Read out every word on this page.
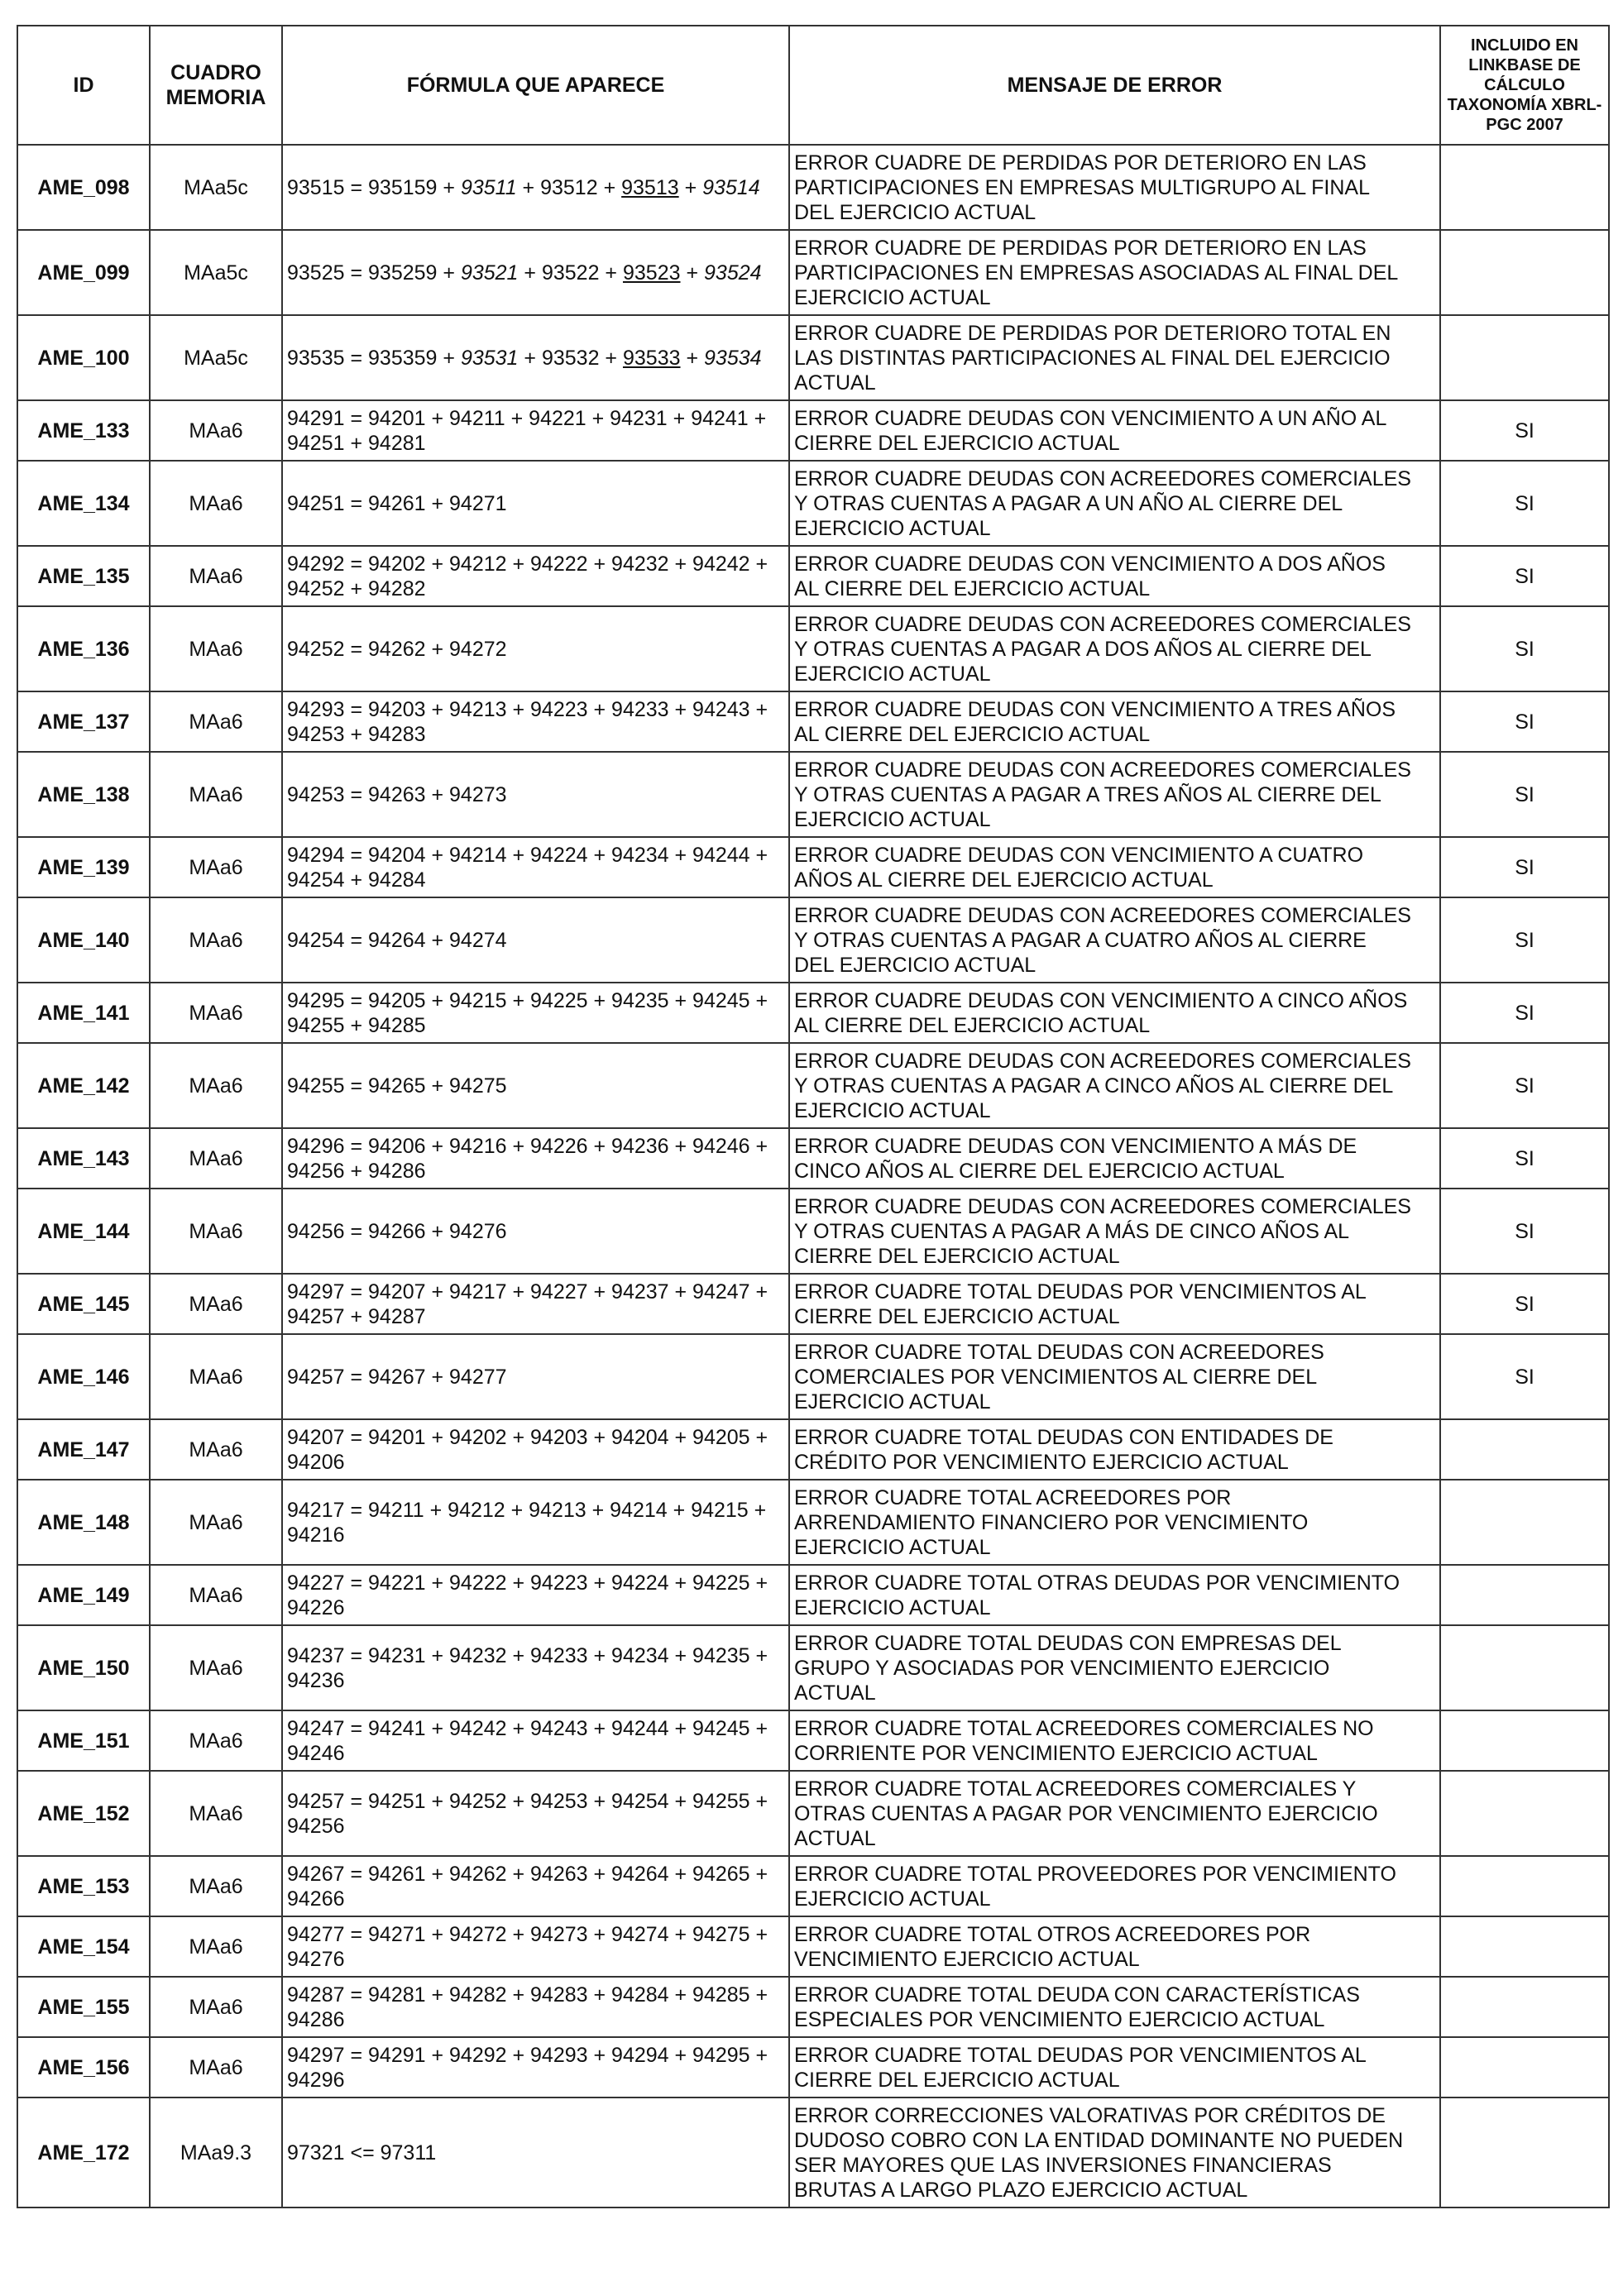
ID	CUADRO MEMORIA	FÓRMULA QUE APARECE	MENSAJE DE ERROR	INCLUIDO EN LINKBASE DE CÁLCULO TAXONOMÍA XBRL-PGC 2007
AME_098	MAa5c	93515 = 935159 + 93511 + 93512 + 93513 + 93514	ERROR CUADRE DE PERDIDAS POR DETERIORO EN LAS
PARTICIPACIONES EN EMPRESAS MULTIGRUPO AL FINAL
DEL EJERCICIO ACTUAL	
AME_099	MAa5c	93525 = 935259 + 93521 + 93522 + 93523 + 93524	ERROR CUADRE DE PERDIDAS POR DETERIORO EN LAS
PARTICIPACIONES EN EMPRESAS ASOCIADAS AL FINAL DEL
EJERCICIO ACTUAL	
AME_100	MAa5c	93535 = 935359 + 93531 + 93532 + 93533 + 93534	ERROR CUADRE DE PERDIDAS POR DETERIORO TOTAL EN
LAS DISTINTAS PARTICIPACIONES AL FINAL DEL EJERCICIO
ACTUAL	
AME_133	MAa6	94291 = 94201 + 94211 + 94221 + 94231 + 94241 +
94251 + 94281	ERROR CUADRE DEUDAS CON VENCIMIENTO A UN AÑO AL
CIERRE DEL EJERCICIO ACTUAL	SI
AME_134	MAa6	94251 = 94261 + 94271	ERROR CUADRE DEUDAS CON ACREEDORES COMERCIALES
Y OTRAS CUENTAS A PAGAR A UN AÑO AL CIERRE DEL
EJERCICIO ACTUAL	SI
AME_135	MAa6	94292 = 94202 + 94212 + 94222 + 94232 + 94242 +
94252 + 94282	ERROR CUADRE DEUDAS CON VENCIMIENTO A DOS AÑOS
AL CIERRE DEL EJERCICIO ACTUAL	SI
AME_136	MAa6	94252 = 94262 + 94272	ERROR CUADRE DEUDAS CON ACREEDORES COMERCIALES
Y OTRAS CUENTAS A PAGAR A DOS AÑOS AL CIERRE DEL
EJERCICIO ACTUAL	SI
AME_137	MAa6	94293 = 94203 + 94213 + 94223 + 94233 + 94243 +
94253 + 94283	ERROR CUADRE DEUDAS CON VENCIMIENTO A TRES AÑOS
AL CIERRE DEL EJERCICIO ACTUAL	SI
AME_138	MAa6	94253 = 94263 + 94273	ERROR CUADRE DEUDAS CON ACREEDORES COMERCIALES
Y OTRAS CUENTAS A PAGAR A TRES AÑOS AL CIERRE DEL
EJERCICIO ACTUAL	SI
AME_139	MAa6	94294 = 94204 + 94214 + 94224 + 94234 + 94244 +
94254 + 94284	ERROR CUADRE DEUDAS CON VENCIMIENTO A CUATRO
AÑOS AL CIERRE DEL EJERCICIO ACTUAL	SI
AME_140	MAa6	94254 = 94264 + 94274	ERROR CUADRE DEUDAS CON ACREEDORES COMERCIALES
Y OTRAS CUENTAS A PAGAR A CUATRO AÑOS AL CIERRE
DEL EJERCICIO ACTUAL	SI
AME_141	MAa6	94295 = 94205 + 94215 + 94225 + 94235 + 94245 +
94255 + 94285	ERROR CUADRE DEUDAS CON VENCIMIENTO A CINCO AÑOS
AL CIERRE DEL EJERCICIO ACTUAL	SI
AME_142	MAa6	94255 = 94265 + 94275	ERROR CUADRE DEUDAS CON ACREEDORES COMERCIALES
Y OTRAS CUENTAS A PAGAR A CINCO AÑOS AL CIERRE DEL
EJERCICIO ACTUAL	SI
AME_143	MAa6	94296 = 94206 + 94216 + 94226 + 94236 + 94246 +
94256 + 94286	ERROR CUADRE DEUDAS CON VENCIMIENTO A MÁS DE
CINCO AÑOS AL CIERRE DEL EJERCICIO ACTUAL	SI
AME_144	MAa6	94256 = 94266 + 94276	ERROR CUADRE DEUDAS CON ACREEDORES COMERCIALES
Y OTRAS CUENTAS A PAGAR A MÁS DE CINCO AÑOS AL
CIERRE DEL EJERCICIO ACTUAL	SI
AME_145	MAa6	94297 = 94207 + 94217 + 94227 + 94237 + 94247 +
94257 + 94287	ERROR CUADRE TOTAL DEUDAS POR VENCIMIENTOS AL
CIERRE DEL EJERCICIO ACTUAL	SI
AME_146	MAa6	94257 = 94267 + 94277	ERROR CUADRE TOTAL DEUDAS CON ACREEDORES
COMERCIALES POR VENCIMIENTOS AL CIERRE DEL
EJERCICIO ACTUAL	SI
AME_147	MAa6	94207 = 94201 + 94202 + 94203 + 94204 + 94205 +
94206	ERROR CUADRE TOTAL DEUDAS CON ENTIDADES DE
CRÉDITO POR VENCIMIENTO EJERCICIO ACTUAL	
AME_148	MAa6	94217 = 94211 + 94212 + 94213 + 94214 + 94215 +
94216	ERROR CUADRE TOTAL ACREEDORES POR
ARRENDAMIENTO FINANCIERO POR VENCIMIENTO
EJERCICIO ACTUAL	
AME_149	MAa6	94227 = 94221 + 94222 + 94223 + 94224 + 94225 +
94226	ERROR CUADRE TOTAL OTRAS DEUDAS POR VENCIMIENTO
EJERCICIO ACTUAL	
AME_150	MAa6	94237 = 94231 + 94232 + 94233 + 94234 + 94235 +
94236	ERROR CUADRE TOTAL DEUDAS CON EMPRESAS DEL
GRUPO Y ASOCIADAS POR VENCIMIENTO EJERCICIO
ACTUAL	
AME_151	MAa6	94247 = 94241 + 94242 + 94243 + 94244 + 94245 +
94246	ERROR CUADRE TOTAL ACREEDORES COMERCIALES NO
CORRIENTE POR VENCIMIENTO EJERCICIO ACTUAL	
AME_152	MAa6	94257 = 94251 + 94252 + 94253 + 94254 + 94255 +
94256	ERROR CUADRE TOTAL ACREEDORES COMERCIALES Y
OTRAS CUENTAS A PAGAR POR VENCIMIENTO EJERCICIO
ACTUAL	
AME_153	MAa6	94267 = 94261 + 94262 + 94263 + 94264 + 94265 +
94266	ERROR CUADRE TOTAL PROVEEDORES POR VENCIMIENTO
EJERCICIO ACTUAL	
AME_154	MAa6	94277 = 94271 + 94272 + 94273 + 94274 + 94275 +
94276	ERROR CUADRE TOTAL OTROS ACREEDORES POR
VENCIMIENTO EJERCICIO ACTUAL	
AME_155	MAa6	94287 = 94281 + 94282 + 94283 + 94284 + 94285 +
94286	ERROR CUADRE TOTAL DEUDA CON CARACTERÍSTICAS
ESPECIALES POR VENCIMIENTO EJERCICIO ACTUAL	
AME_156	MAa6	94297 = 94291 + 94292 + 94293 + 94294 + 94295 +
94296	ERROR CUADRE TOTAL DEUDAS POR VENCIMIENTOS AL
CIERRE DEL EJERCICIO ACTUAL	
AME_172	MAa9.3	97321 <= 97311	ERROR CORRECCIONES VALORATIVAS POR CRÉDITOS DE
DUDOSO COBRO CON LA ENTIDAD DOMINANTE NO PUEDEN
SER MAYORES QUE LAS INVERSIONES FINANCIERAS
BRUTAS A LARGO PLAZO EJERCICIO ACTUAL	
